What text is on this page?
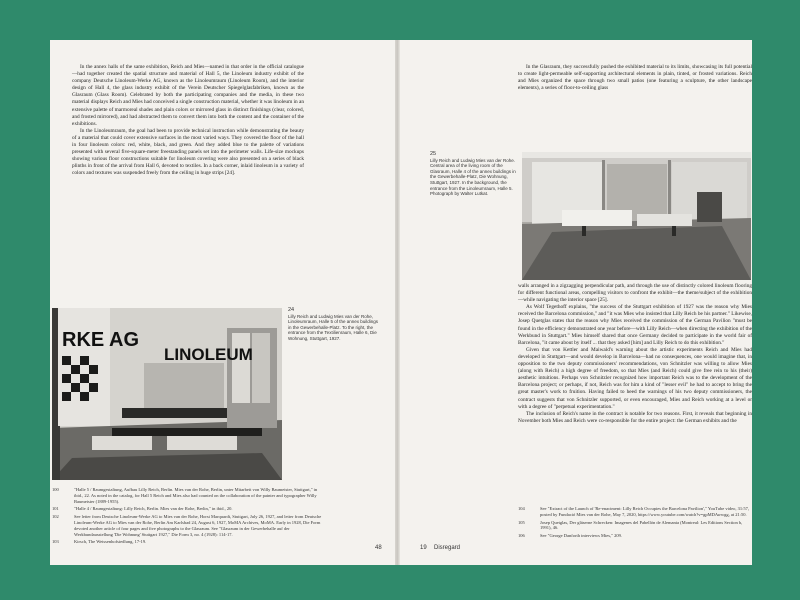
In the annex halls of the same exhibition, Reich and Mies—named in that order in the official catalogue—had together created the spatial structure and material of Hall 5, the Linoleum industry exhibit of the company Deutsche Linoleum-Werke AG, known as the Linoleumraum (Linoleum Room), and the interior design of Hall 4, the glass industry exhibit of the Verein Deutscher Spiegelglasfabriken, known as the Glasraum (Glass Room). Celebrated by both the participating companies and the media, in these two material displays Reich and Mies had conceived a single construction material, whether it was linoleum in an extensive palette of marmoreal shades and plain colors or mirrored glass in distinct finishings (clear, colored, and frosted mirrored), and had abstracted them to convert them into both the content and the container of the exhibitions.

In the Linoleumraum, the goal had been to provide technical instruction while demonstrating the beauty of a material that could cover extensive surfaces in the most varied ways. They covered the floor of the hall in four linoleum colors: red, white, black, and green. And they added blue to the palette of variations presented with several five-square-meter freestanding panels set into the perimeter walls. Life-size mockups showing various floor constructions suitable for linoleum covering were also presented on a series of black plinths in front of the arrival from Hall 6, devoted to textiles. In a back corner, inlaid linoleum in a variety of colors and textures was suspended freely from the ceiling in huge strips [24].

RKE AG
LINOLEUM
24
Lilly Reich and Ludwig Mies van der Rohe, Linoleumraum, Halle 5 of the annex buildings in the Gewerbehalle-Platz. To the right, the entrance from the Textilienraum, Halle 6, Die Wohnung, Stuttgart, 1927.
100	"Halle 5 / Raumgestaltung, Aufbau Lilly Reich, Berlin. Mies van der Rohe, Berlin, unter Mitarbeit von Willy Baumeister, Stuttgart," in ibid., 22. As noted in the catalog, for Hall 5 Reich and Mies also had counted on the collaboration of the painter and typographer Willy Baumeister (1889-1955).
101	"Halle 4 / Raumgestaltung: Lilly Reich, Berlin. Mies van der Rohe, Berlin," in ibid., 20.
102	See letter from Deutsche Linoleum-Werke AG to Mies van der Rohe, Horst Marquardt, Stuttgart, July 26, 1927, and letter from Deutsche Linoleum-Werke AG to Mies van der Rohe, Berlin Am Karlsbad 24, August 6, 1927, MoMA Archives, MoMA. Early in 1928, Die Form devoted another article of four pages and five photographs to the Glasraum. See "Glasraum in der Gewerbehalle auf der Werkbundausstellung 'Die Wohnung' Stuttgart 1927," Die Form 3, no. 4 (1928): 114-17.
103	Kirsch, The Weissenhofsiedlung, 17-19.
48

In the Glasraum, they successfully pushed the exhibited material to its limits, showcasing its full potential to create light-permeable self-supporting architectural elements in plain, tinted, or frosted variations. Reich and Mies organized the space through two small patios (one featuring a sculpture, the other landscape elements), a series of floor-to-ceiling glass

25
Lilly Reich and Ludwig Mies van der Rohe. Central area of the living room of the Glasraum, Halle 4 of the annex buildings in the Gewerbehalle-Platz, Die Wohnung, Stuttgart, 1927. In the background, the entrance from the Linoleumraum, Halle 5. Photograph by Walter Lutkat.

walls arranged in a zigzagging perpendicular path, and through the use of distinctly colored linoleum flooring for different functional areas, compelling visitors to confront the exhibit—the theme/subject of the exhibition—while navigating the interior space [25].

As Wolf Tegethoff explains, "the success of the Stuttgart exhibition of 1927 was the reason why Mies received the Barcelona commission," and "it was Mies who insisted that Lilly Reich be his partner." Likewise, Josep Quetglas states that the reason why Mies received the commission of the German Pavilion "must be found in the efficiency demonstrated one year before—with Lilly Reich—when directing the exhibition of the Werkbund in Stuttgart." Mies himself shared that once Germany decided to participate in the world fair of Barcelona, "it came about by itself ... that they asked [him] and Lilly Reich to do this exhibition."

Given that von Kettler and Maiwald's warning about the artistic experiments Reich and Mies had developed in Stuttgart—and would develop in Barcelona—had no consequences, one would imagine that, in opposition to the two deputy commissioners' recommendations, von Schnitzler was willing to allow Mies (along with Reich) a high degree of freedom, so that Mies (and Reich) could give free rein to his (their) aesthetic intuitions. Perhaps von Schnitzler recognized how important Reich was to the development of the Barcelona project; or perhaps, if not, Reich was for him a kind of "lesser evil" he had to accept to bring the great master's work to fruition. Having failed to heed the warnings of his two deputy commissioners, the contract suggests that von Schnitzler supported, or even encouraged, Mies and Reich working at a level or with a degree of "perpetual experimentation."

The inclusion of Reich's name in the contract is notable for two reasons. First, it reveals that beginning in November both Mies and Reich were co-responsible for the entire project: the German exhibits and the

104	See "Extract of the Launch of 'Re-enactment: Lilly Reich Occupies the Barcelona Pavilion'," YouTube video, 31:57, posted by Fundació Mies van der Rohe, May 7, 2020, https://www.youtube.com/watch?v=gpMDAwwgg, at 21:50.
105	Josep Quetglas, Der gläserne Schrecken: Imagenes del Pabellón de Alemania (Montreal: Les Editions Section b, 1991), 46.
106	See "George Danforth interviews Mies," 209.
19 Disregard
